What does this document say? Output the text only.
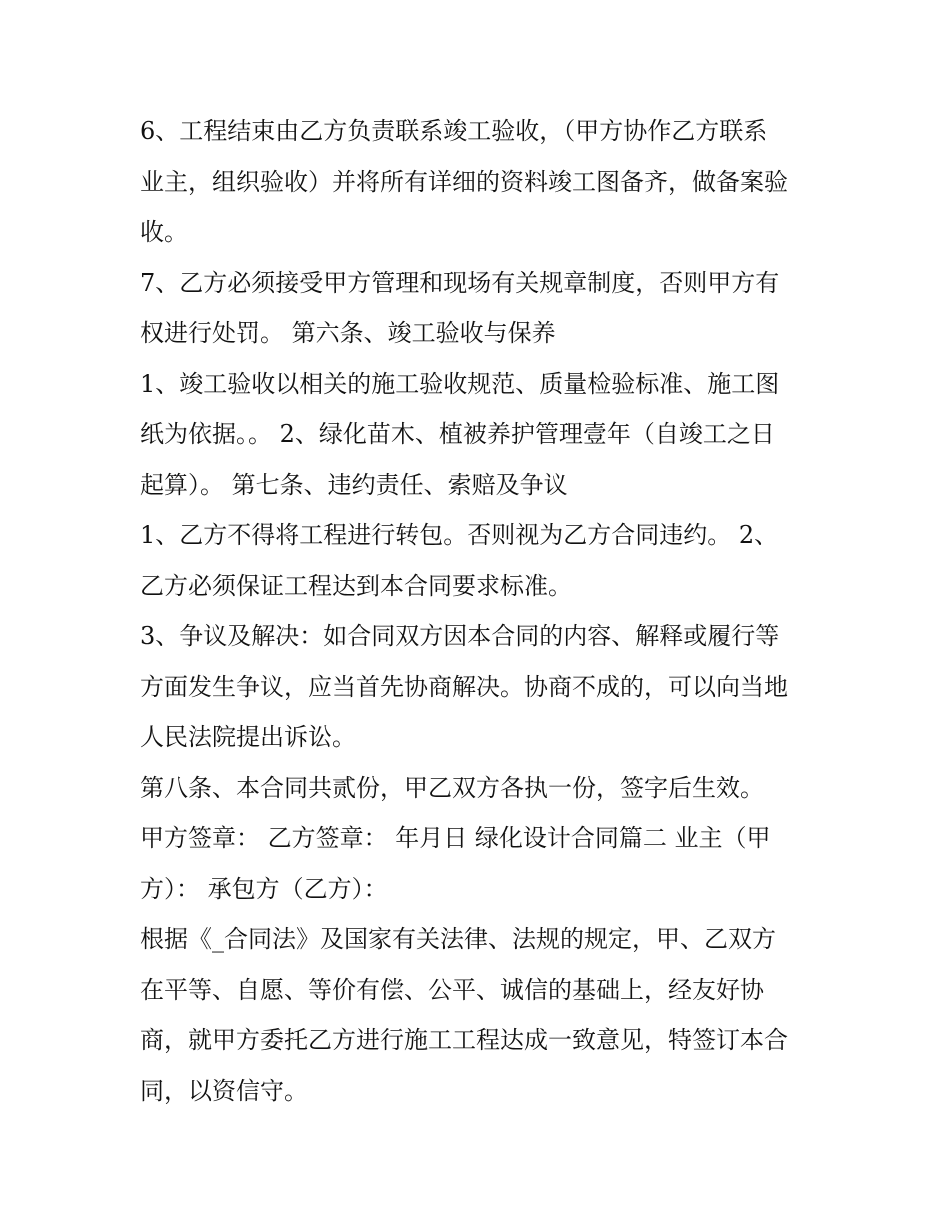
6、工程结束由乙方负责联系竣工验收，（甲方协作乙方联系
业主，组织验收）并将所有详细的资料竣工图备齐，做备案验
收。
7、乙方必须接受甲方管理和现场有关规章制度，否则甲方有
权进行处罚。 第六条、竣工验收与保养
1、竣工验收以相关的施工验收规范、质量检验标准、施工图
纸为依据。。 2、绿化苗木、植被养护管理壹年（自竣工之日
起算）。 第七条、违约责任、索赔及争议
1、乙方不得将工程进行转包。否则视为乙方合同违约。 2、
乙方必须保证工程达到本合同要求标准。
3、争议及解决：如合同双方因本合同的内容、解释或履行等
方面发生争议，应当首先协商解决。协商不成的，可以向当地
人民法院提出诉讼。
第八条、本合同共贰份，甲乙双方各执一份，签字后生效。
甲方签章： 乙方签章： 年月日 绿化设计合同篇二 业主（甲
方）： 承包方（乙方）：
根据《_合同法》及国家有关法律、法规的规定，甲、乙双方
在平等、自愿、等价有偿、公平、诚信的基础上，经友好协
商，就甲方委托乙方进行施工工程达成一致意见，特签订本合
同，以资信守。
